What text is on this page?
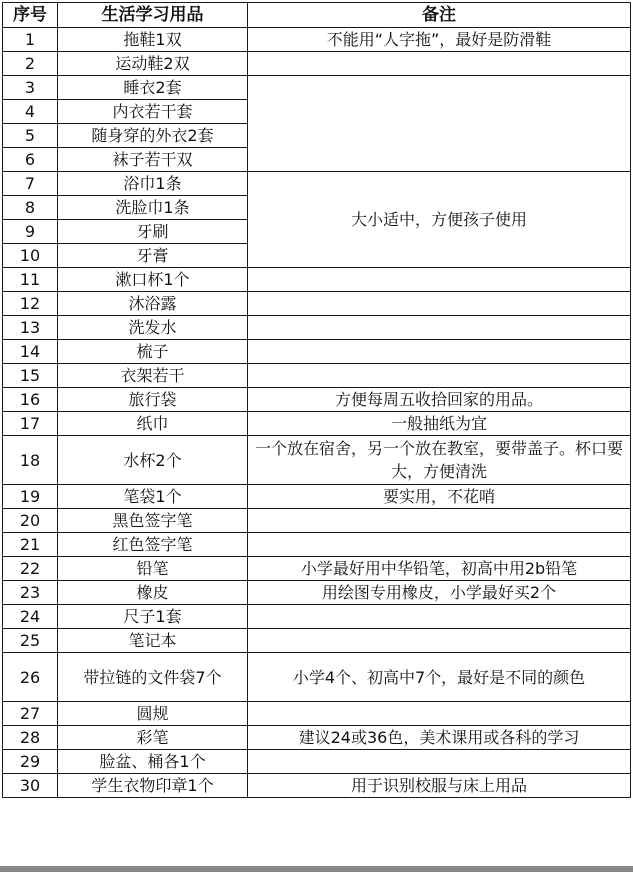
序号	生活学习用品	备注
1	拖鞋1双	不能用“人字拖”，最好是防滑鞋
2	运动鞋2双	
3	睡衣2套	
4	内衣若干套	
5	随身穿的外衣2套	
6	袜子若干双	
7	浴巾1条	大小适中，方便孩子使用
8	洗脸巾1条	
9	牙刷	
10	牙膏	
11	漱口杯1个	
12	沐浴露	
13	洗发水	
14	梳子	
15	衣架若干	
16	旅行袋	方便每周五收拾回家的用品。
17	纸巾	一般抽纸为宜
18	水杯2个	一个放在宿舍，另一个放在教室，要带盖子。杯口要大，方便清洗
19	笔袋1个	要实用，不花哨
20	黑色签字笔	
21	红色签字笔	
22	铅笔	小学最好用中华铅笔，初高中用2b铅笔
23	橡皮	用绘图专用橡皮，小学最好买2个
24	尺子1套	
25	笔记本	
26	带拉链的文件袋7个	小学4个、初高中7个，最好是不同的颜色
27	圆规	
28	彩笔	建议24或36色，美术课用或各科的学习
29	脸盆、桶各1个	
30	学生衣物印章1个	用于识别校服与床上用品
